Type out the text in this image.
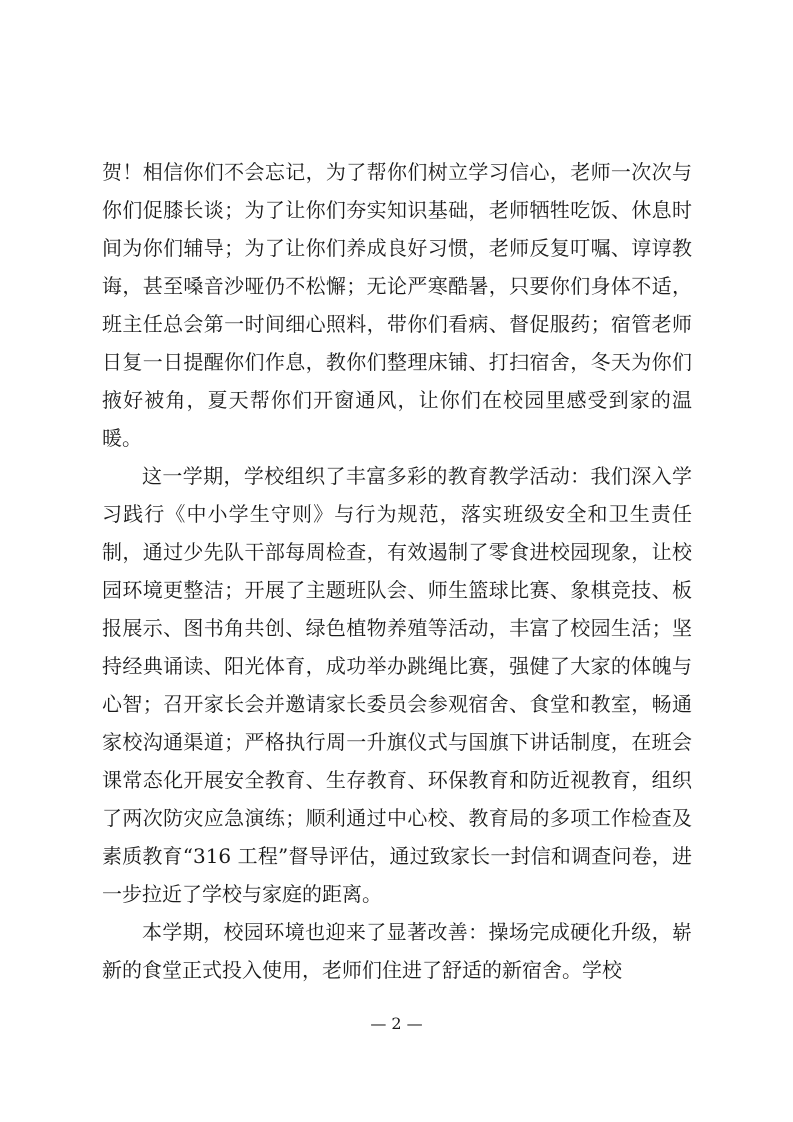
贺！相信你们不会忘记，为了帮你们树立学习信心，老师一次次与你们促膝长谈；为了让你们夯实知识基础，老师牺牲吃饭、休息时间为你们辅导；为了让你们养成良好习惯，老师反复叮嘱、谆谆教诲，甚至嗓音沙哑仍不松懈；无论严寒酷暑，只要你们身体不适，班主任总会第一时间细心照料，带你们看病、督促服药；宿管老师日复一日提醒你们作息，教你们整理床铺、打扫宿舍，冬天为你们掖好被角，夏天帮你们开窗通风，让你们在校园里感受到家的温暖。

这一学期，学校组织了丰富多彩的教育教学活动：我们深入学习践行《中小学生守则》与行为规范，落实班级安全和卫生责任制，通过少先队干部每周检查，有效遏制了零食进校园现象，让校园环境更整洁；开展了主题班队会、师生篮球比赛、象棋竞技、板报展示、图书角共创、绿色植物养殖等活动，丰富了校园生活；坚持经典诵读、阳光体育，成功举办跳绳比赛，强健了大家的体魄与心智；召开家长会并邀请家长委员会参观宿舍、食堂和教室，畅通家校沟通渠道；严格执行周一升旗仪式与国旗下讲话制度，在班会课常态化开展安全教育、生存教育、环保教育和防近视教育，组织了两次防灾应急演练；顺利通过中心校、教育局的多项工作检查及素质教育“316 工程”督导评估，通过致家长一封信和调查问卷，进一步拉近了学校与家庭的距离。

本学期，校园环境也迎来了显著改善：操场完成硬化升级，崭新的食堂正式投入使用，老师们住进了舒适的新宿舍。学校

— 2 —
